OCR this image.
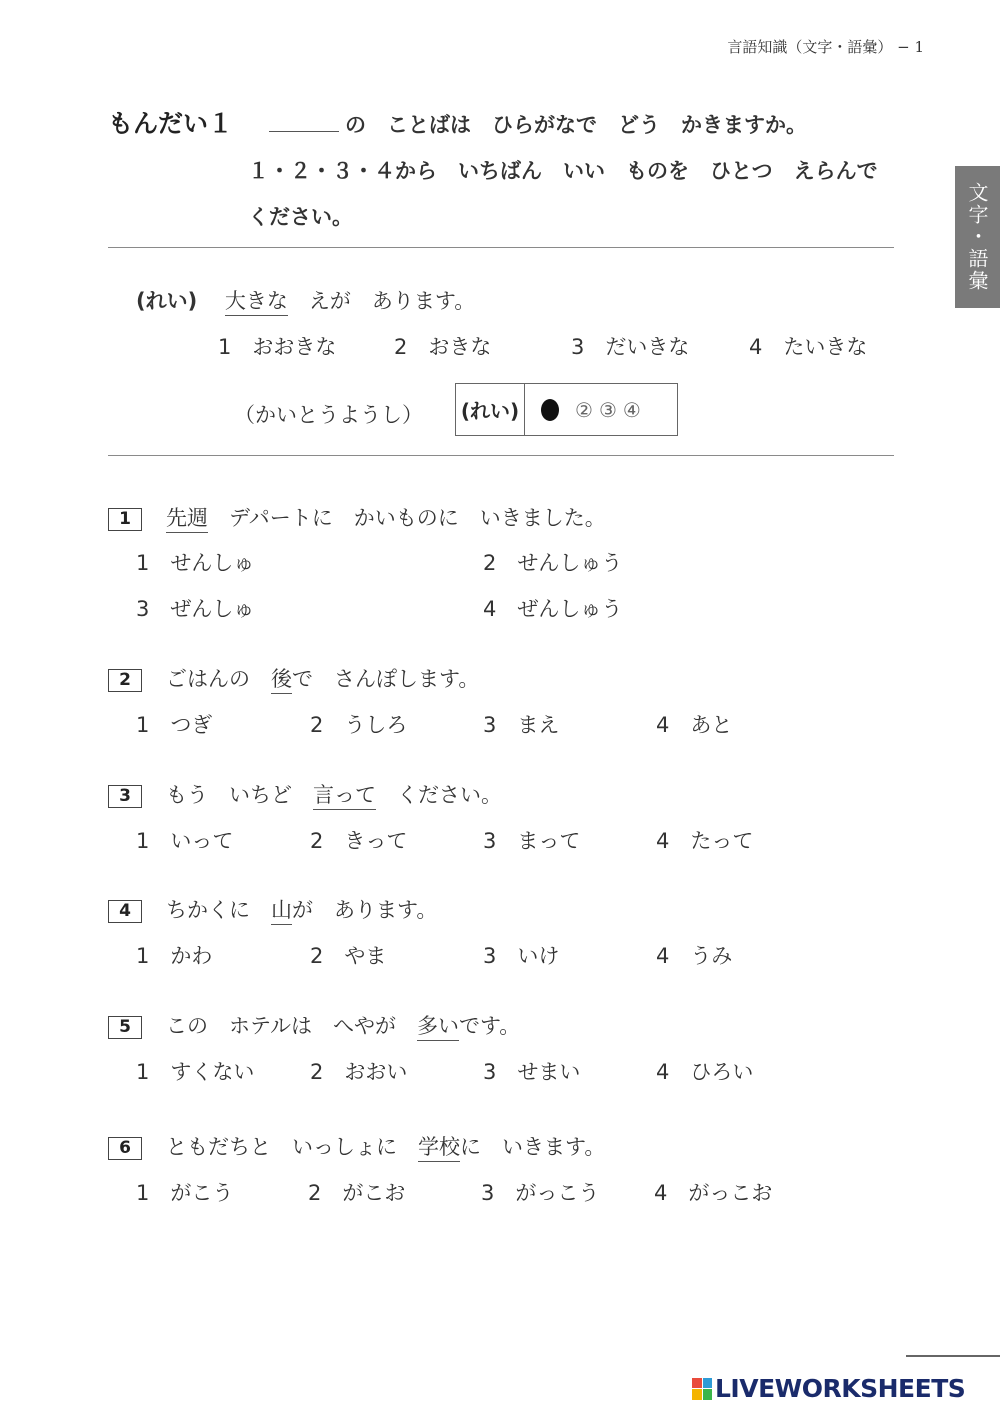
言語知識（文字・語彙） − 1
文字・語彙
もんだい１	の　ことばは　ひらがなで　どう　かきますか。
１・２・３・４から　いちばん　いい　ものを　ひとつ　えらんで
ください。
(れい)　 大きな　えが　あります。
1　おおきな	2　おきな	3　だいきな	4　たいきな
（かいとうようし） (れい)	② ③ ④
1 先週　デパートに　かいものに　いきました。
1　せんしゅ	2　せんしゅう
3　ぜんしゅ	4　ぜんしゅう
2 ごはんの　後で　さんぽします。
1　つぎ	2　うしろ	3　まえ	4　あと
3 もう　いちど　言って　ください。
1　いって	2　きって	3　まって	4　たって
4 ちかくに　山が　あります。
1　かわ	2　やま	3　いけ	4　うみ
5 この　ホテルは　へやが　多いです。
1　すくない	2　おおい	3　せまい	4　ひろい
6 ともだちと　いっしょに　学校に　いきます。
1　がこう	2　がこお	3　がっこう	4　がっこお
LIVEWORKSHEETS
